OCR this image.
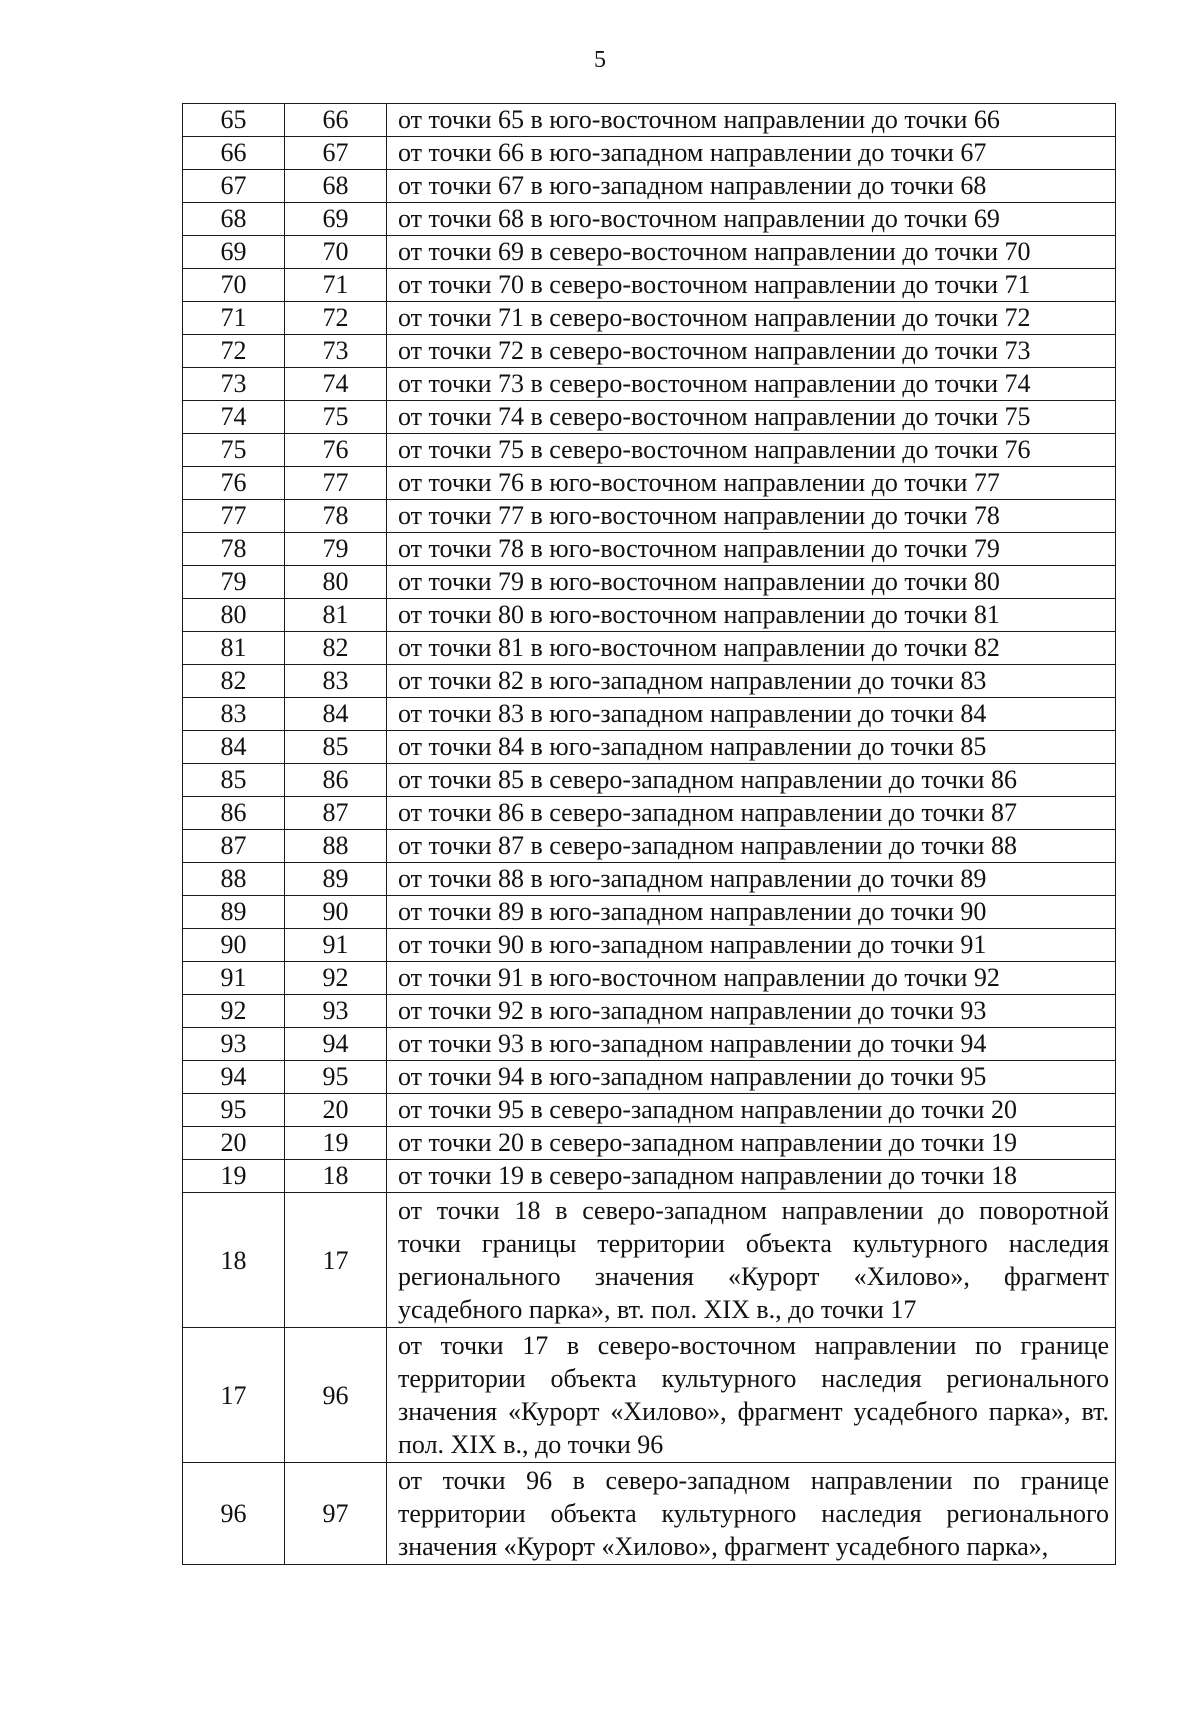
5
65	66	от точки 65 в юго-восточном направлении до точки 66
66	67	от точки 66 в юго-западном направлении до точки 67
67	68	от точки 67 в юго-западном направлении до точки 68
68	69	от точки 68 в юго-восточном направлении до точки 69
69	70	от точки 69 в северо-восточном направлении до точки 70
70	71	от точки 70 в северо-восточном направлении до точки 71
71	72	от точки 71 в северо-восточном направлении до точки 72
72	73	от точки 72 в северо-восточном направлении до точки 73
73	74	от точки 73 в северо-восточном направлении до точки 74
74	75	от точки 74 в северо-восточном направлении до точки 75
75	76	от точки 75 в северо-восточном направлении до точки 76
76	77	от точки 76 в юго-восточном направлении до точки 77
77	78	от точки 77 в юго-восточном направлении до точки 78
78	79	от точки 78 в юго-восточном направлении до точки 79
79	80	от точки 79 в юго-восточном направлении до точки 80
80	81	от точки 80 в юго-восточном направлении до точки 81
81	82	от точки 81 в юго-восточном направлении до точки 82
82	83	от точки 82 в юго-западном направлении до точки 83
83	84	от точки 83 в юго-западном направлении до точки 84
84	85	от точки 84 в юго-западном направлении до точки 85
85	86	от точки 85 в северо-западном направлении до точки 86
86	87	от точки 86 в северо-западном направлении до точки 87
87	88	от точки 87 в северо-западном направлении до точки 88
88	89	от точки 88 в юго-западном направлении до точки 89
89	90	от точки 89 в юго-западном направлении до точки 90
90	91	от точки 90 в юго-западном направлении до точки 91
91	92	от точки 91 в юго-восточном направлении до точки 92
92	93	от точки 92 в юго-западном направлении до точки 93
93	94	от точки 93 в юго-западном направлении до точки 94
94	95	от точки 94 в юго-западном направлении до точки 95
95	20	от точки 95 в северо-западном направлении до точки 20
20	19	от точки 20 в северо-западном направлении до точки 19
19	18	от точки 19 в северо-западном направлении до точки 18
18	17	от точки 18 в северо-западном направлении до поворотной точки границы территории объекта культурного наследия регионального значения «Курорт «Хилово», фрагмент усадебного парка», вт. пол. XIX в., до точки 17
17	96	от точки 17 в северо-восточном направлении по границе территории объекта культурного наследия регионального значения «Курорт «Хилово», фрагмент усадебного парка», вт. пол. XIX в., до точки 96
96	97	от точки 96 в северо-западном направлении по границе территории объекта культурного наследия регионального значения «Курорт «Хилово», фрагмент усадебного парка»,
